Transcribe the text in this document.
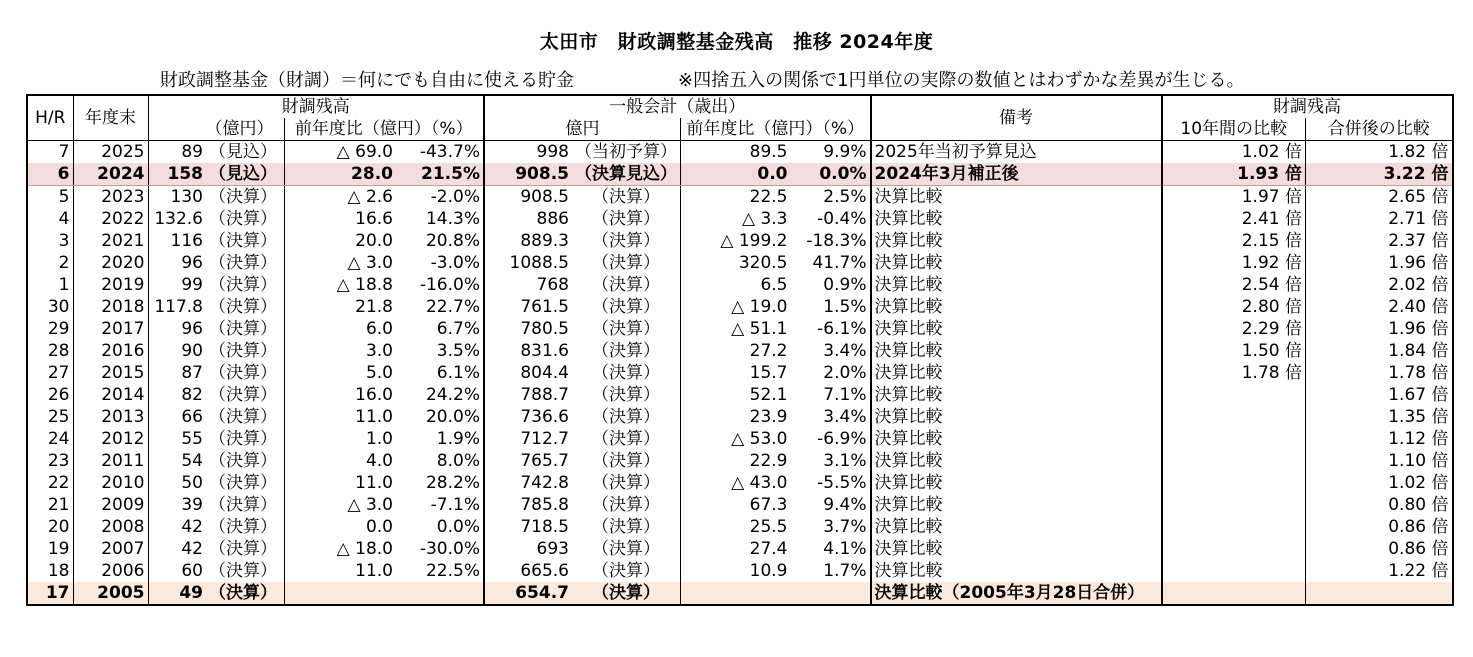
太田市　財政調整基金残高　推移 2024年度
財政調整基金（財調）＝何にでも自由に使える貯金	※四捨五入の関係で1円単位の実際の数値とはわずかな差異が生じる。
H/R	年度末	財調残高				一般会計（歳出）				備考	財調残高	
		（億円）		前年度比（億円）（%）		億円		前年度比（億円）（%）			10年間の比較	合併後の比較
7	2025	89	（見込）	△ 69.0	-43.7%	998	（当初予算）	89.5	9.9%	2025年当初予算見込	1.02 倍	1.82 倍
6	2024	158	（見込）	28.0	21.5%	908.5	（決算見込）	0.0	0.0%	2024年3月補正後	1.93 倍	3.22 倍
5	2023	130	（決算）	△ 2.6	-2.0%	908.5	（決算）	22.5	2.5%	決算比較	1.97 倍	2.65 倍
4	2022	132.6	（決算）	16.6	14.3%	886	（決算）	△ 3.3	-0.4%	決算比較	2.41 倍	2.71 倍
3	2021	116	（決算）	20.0	20.8%	889.3	（決算）	△ 199.2	-18.3%	決算比較	2.15 倍	2.37 倍
2	2020	96	（決算）	△ 3.0	-3.0%	1088.5	（決算）	320.5	41.7%	決算比較	1.92 倍	1.96 倍
1	2019	99	（決算）	△ 18.8	-16.0%	768	（決算）	6.5	0.9%	決算比較	2.54 倍	2.02 倍
30	2018	117.8	（決算）	21.8	22.7%	761.5	（決算）	△ 19.0	1.5%	決算比較	2.80 倍	2.40 倍
29	2017	96	（決算）	6.0	6.7%	780.5	（決算）	△ 51.1	-6.1%	決算比較	2.29 倍	1.96 倍
28	2016	90	（決算）	3.0	3.5%	831.6	（決算）	27.2	3.4%	決算比較	1.50 倍	1.84 倍
27	2015	87	（決算）	5.0	6.1%	804.4	（決算）	15.7	2.0%	決算比較	1.78 倍	1.78 倍
26	2014	82	（決算）	16.0	24.2%	788.7	（決算）	52.1	7.1%	決算比較		1.67 倍
25	2013	66	（決算）	11.0	20.0%	736.6	（決算）	23.9	3.4%	決算比較		1.35 倍
24	2012	55	（決算）	1.0	1.9%	712.7	（決算）	△ 53.0	-6.9%	決算比較		1.12 倍
23	2011	54	（決算）	4.0	8.0%	765.7	（決算）	22.9	3.1%	決算比較		1.10 倍
22	2010	50	（決算）	11.0	28.2%	742.8	（決算）	△ 43.0	-5.5%	決算比較		1.02 倍
21	2009	39	（決算）	△ 3.0	-7.1%	785.8	（決算）	67.3	9.4%	決算比較		0.80 倍
20	2008	42	（決算）	0.0	0.0%	718.5	（決算）	25.5	3.7%	決算比較		0.86 倍
19	2007	42	（決算）	△ 18.0	-30.0%	693	（決算）	27.4	4.1%	決算比較		0.86 倍
18	2006	60	（決算）	11.0	22.5%	665.6	（決算）	10.9	1.7%	決算比較		1.22 倍
17	2005	49	（決算）			654.7	（決算）			決算比較（2005年3月28日合併）		
